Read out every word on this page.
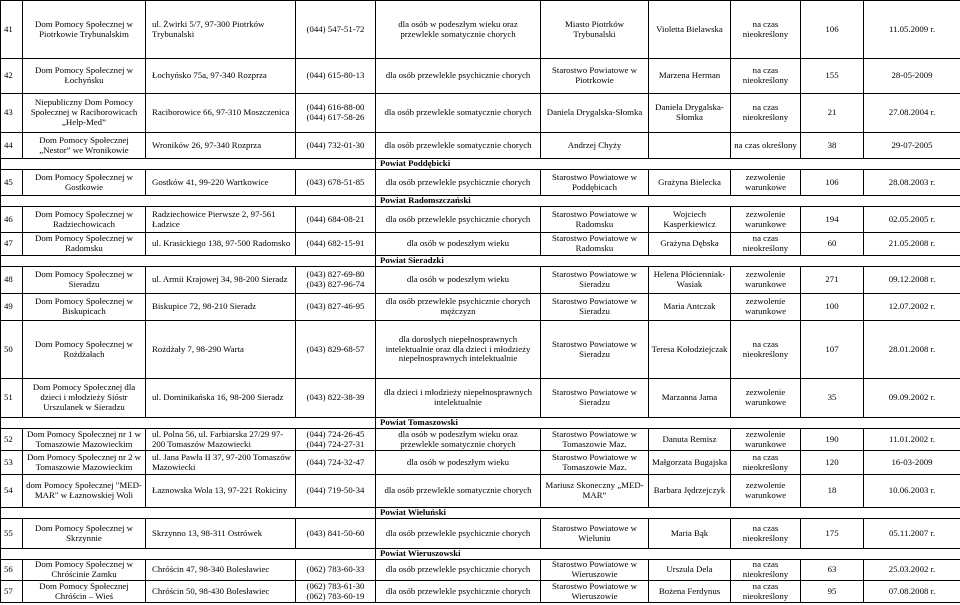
41	Dom Pomocy Społecznej w Piotrkowie Trybunalskim	ul. Żwirki 5/7, 97-300 Piotrków Trybunalski	(044) 547-51-72	dla osób w podeszłym wieku oraz przewlekle somatycznie chorych	Miasto Piotrków Trybunalski	Violetta Bielawska	na czas nieokreślony	106	11.05.2009 r.
42	Dom Pomocy Społecznej w Łochyńsku	Łochyńsko 75a, 97-340 Rozprza	(044) 615-80-13	dla osób przewlekle psychicznie chorych	Starostwo Powiatowe w Piotrkowie	Marzena Herman	na czas nieokreślony	155	28-05-2009
43	Niepubliczny Dom Pomocy Społecznej w Raciborowicach „Help-Med”	Raciborowice 66, 97-310 Moszczenica	(044) 616-88-00 (044) 617-58-26	dla osób przewlekle somatycznie chorych	Daniela Drygalska-Słomka	Daniela Drygalska-Słomka	na czas nieokreślony	21	27.08.2004 r.
44	Dom Pomocy Społecznej „Nestor” we Wronikowie	Wroników 26, 97-340 Rozprza	(044) 732-01-30	dla osób przewlekle somatycznie chorych	Andrzej Chyży		na czas określony	38	29-07-2005
				Powiat Poddębicki					
45	Dom Pomocy Społecznej w Gostkowie	Gostków 41, 99-220 Wartkowice	(043) 678-51-85	dla osób przewlekle psychicznie chorych	Starostwo Powiatowe w Poddębicach	Grażyna Bielecka	zezwolenie warunkowe	106	28.08.2003 r.
				Powiat Radomszczański					
46	Dom Pomocy Społecznej w Radziechowicach	Radziechowice Pierwsze 2, 97-561 Ładzice	(044) 684-08-21	dla osób przewlekle psychicznie chorych	Starostwo Powiatowe w Radomsku	Wojciech Kasperkiewicz	zezwolenie warunkowe	194	02.05.2005 r.
47	Dom Pomocy Społecznej w Radomsku	ul. Krasickiego 138, 97-500 Radomsko	(044) 682-15-91	dla osób w podeszłym wieku	Starostwo Powiatowe w Radomsku	Grażyna Dębska	na czas nieokreślony	60	21.05.2008 r.
				Powiat Sieradzki					
48	Dom Pomocy Społecznej w Sieradzu	ul. Armii Krajowej 34, 98-200 Sieradz	(043) 827-69-80 (043) 827-96-74	dla osób w podeszłym wieku	Starostwo Powiatowe w Sieradzu	Helena Płócienniak-Wasiak	zezwolenie warunkowe	271	09.12.2008 r.
49	Dom Pomocy Społecznej w Biskupicach	Biskupice 72, 98-210 Sieradz	(043) 827-46-95	dla osób przewlekle psychicznie chorych mężczyzn	Starostwo Powiatowe w Sieradzu	Maria Antczak	zezwolenie warunkowe	100	12.07.2002 r.
50	Dom Pomocy Społecznej w Rożdżałach	Rożdżały 7, 98-290 Warta	(043) 829-68-57	dla dorosłych niepełnosprawnych intelektualnie oraz dla dzieci i młodzieży niepełnosprawnych intelektualnie	Starostwo Powiatowe w Sieradzu	Teresa Kołodziejczak	na czas nieokreślony	107	28.01.2008 r.
51	Dom Pomocy Społecznej dla dzieci i młodzieży Sióstr Urszulanek w Sieradzu	ul. Dominikańska 16, 98-200 Sieradz	(043) 822-38-39	dla dzieci i młodzieży niepełnosprawnych intelektualnie	Starostwo Powiatowe w Sieradzu	Marzanna Jama	zezwolenie warunkowe	35	09.09.2002 r.
				Powiat Tomaszowski					
52	Dom Pomocy Społecznej nr 1 w Tomaszowie Mazowieckim	ul. Polna 56, ul. Farbiarska 27/29 97-200 Tomaszów Mazowiecki	(044) 724-26-45 (044) 724-27-31	dla osób w podeszłym wieku oraz przewlekle somatycznie chorych	Starostwo Powiatowe w Tomaszowie Maz.	Danuta Remisz	zezwolenie warunkowe	190	11.01.2002 r.
53	Dom Pomocy Społecznej nr 2 w Tomaszowie Mazowieckim	ul. Jana Pawła II 37, 97-200 Tomaszów Mazowiecki	(044) 724-32-47	dla osób w podeszłym wieku	Starostwo Powiatowe w Tomaszowie Maz.	Małgorzata Bugajska	na czas nieokreślony	120	16-03-2009
54	dom Pomocy Społecznej "MED-MAR" w Łaznowskiej Woli	Łaznowska Wola 13, 97-221 Rokiciny	(044) 719-50-34	dla osób przewlekle somatycznie chorych	Mariusz Skoneczny „MED-MAR”	Barbara Jędrzejczyk	zezwolenie warunkowe	18	10.06.2003 r.
				Powiat Wieluński					
55	Dom Pomocy Społecznej w Skrzynnie	Skrzynno 13, 98-311 Ostrówek	(043) 841-50-60	dla osób przewlekle psychicznie chorych	Starostwo Powiatowe w Wieluniu	Maria Bąk	na czas nieokreślony	175	05.11.2007 r.
				Powiat Wieruszowski					
56	Dom Pomocy Społecznej w Chróścinie Zamku	Chróścin 47, 98-340 Bolesławiec	(062) 783-60-33	dla osób przewlekle psychicznie chorych	Starostwo Powiatowe w Wieruszowie	Urszula Dela	na czas nieokreślony	63	25.03.2002 r.
57	Dom Pomocy Społecznej Chróścin – Wieś	Chróścin 50, 98-430 Bolesławiec	(062) 783-61-30 (062) 783-60-19	dla osób przewlekle psychicznie chorych	Starostwo Powiatowe w Wieruszowie	Bożena Ferdynus	na czas nieokreślony	95	07.08.2008 r.
